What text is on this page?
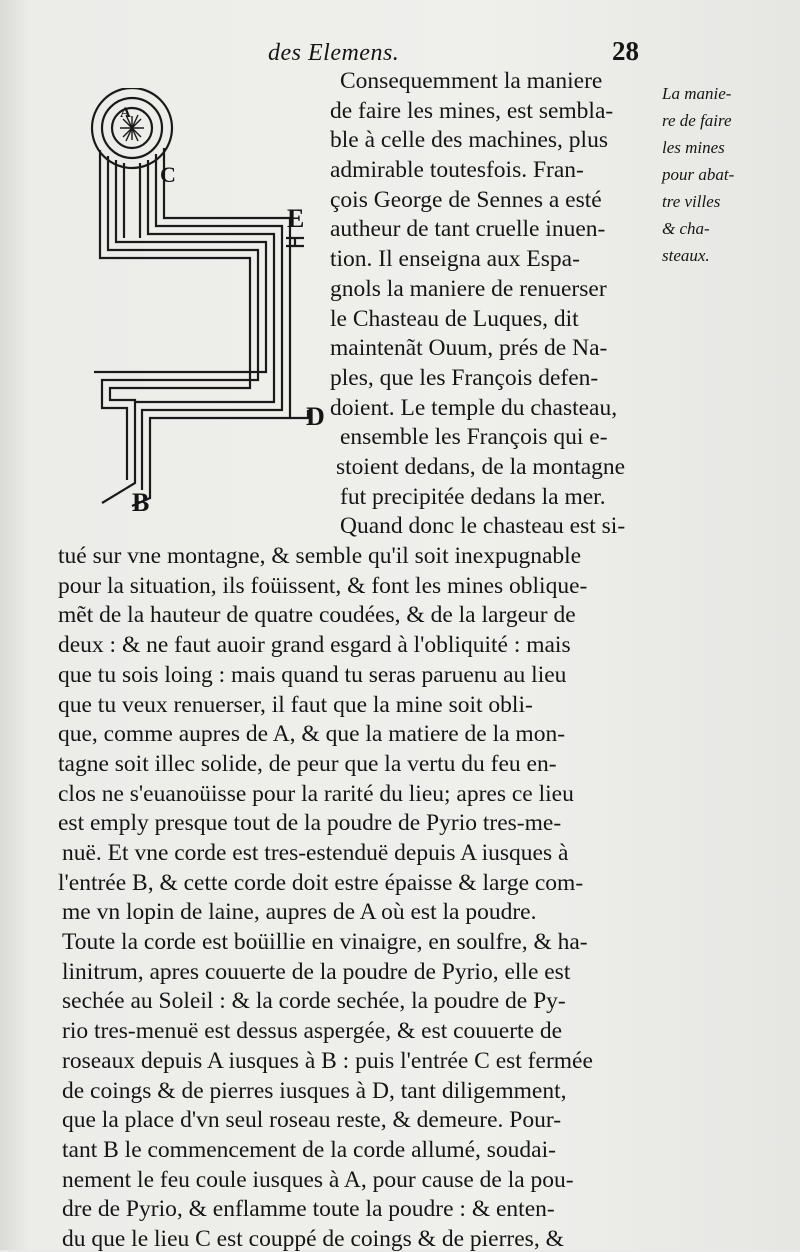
des Elemens.	28
A
C
E
D
B
La manie-
re de faire
les mines
pour abat-
tre villes
& cha-
steaux.
Consequemment la maniere
de faire les mines, est sembla-
ble à celle des machines, plus
admirable toutesfois. Fran-
çois George de Sennes a esté
autheur de tant cruelle inuen-
tion. Il enseigna aux Espa-
gnols la maniere de renuerser
le Chasteau de Luques, dit
maintenãt Ouum, prés de Na-
ples, que les François defen-
doient. Le temple du chasteau,
ensemble les François qui e-
stoient dedans, de la montagne
fut precipitée dedans la mer.
Quand donc le chasteau est si-
tué sur vne montagne, & semble qu'il soit inexpugnable
pour la situation, ils foüissent, & font les mines oblique-
mẽt de la hauteur de quatre coudées, & de la largeur de
deux : & ne faut auoir grand esgard à l'obliquité : mais
que tu sois loing : mais quand tu seras paruenu au lieu
que tu veux renuerser, il faut que la mine soit obli-
que, comme aupres de A, & que la matiere de la mon-
tagne soit illec solide, de peur que la vertu du feu en-
clos ne s'euanoüisse pour la rarité du lieu; apres ce lieu
est emply presque tout de la poudre de Pyrio tres-me-
nuë. Et vne corde est tres-estenduë depuis A iusques à
l'entrée B, & cette corde doit estre épaisse & large com-
me vn lopin de laine, aupres de A où est la poudre.
Toute la corde est boüillie en vinaigre, en soulfre, & ha-
linitrum, apres couuerte de la poudre de Pyrio, elle est
sechée au Soleil : & la corde sechée, la poudre de Py-
rio tres-menuë est dessus aspergée, & est couuerte de
roseaux depuis A iusques à B : puis l'entrée C est fermée
de coings & de pierres iusques à D, tant diligemment,
que la place d'vn seul roseau reste, & demeure. Pour-
tant B le commencement de la corde allumé, soudai-
nement le feu coule iusques à A, pour cause de la pou-
dre de Pyrio, & enflamme toute la poudre : & enten-
du que le lieu C est couppé de coings & de pierres, &
